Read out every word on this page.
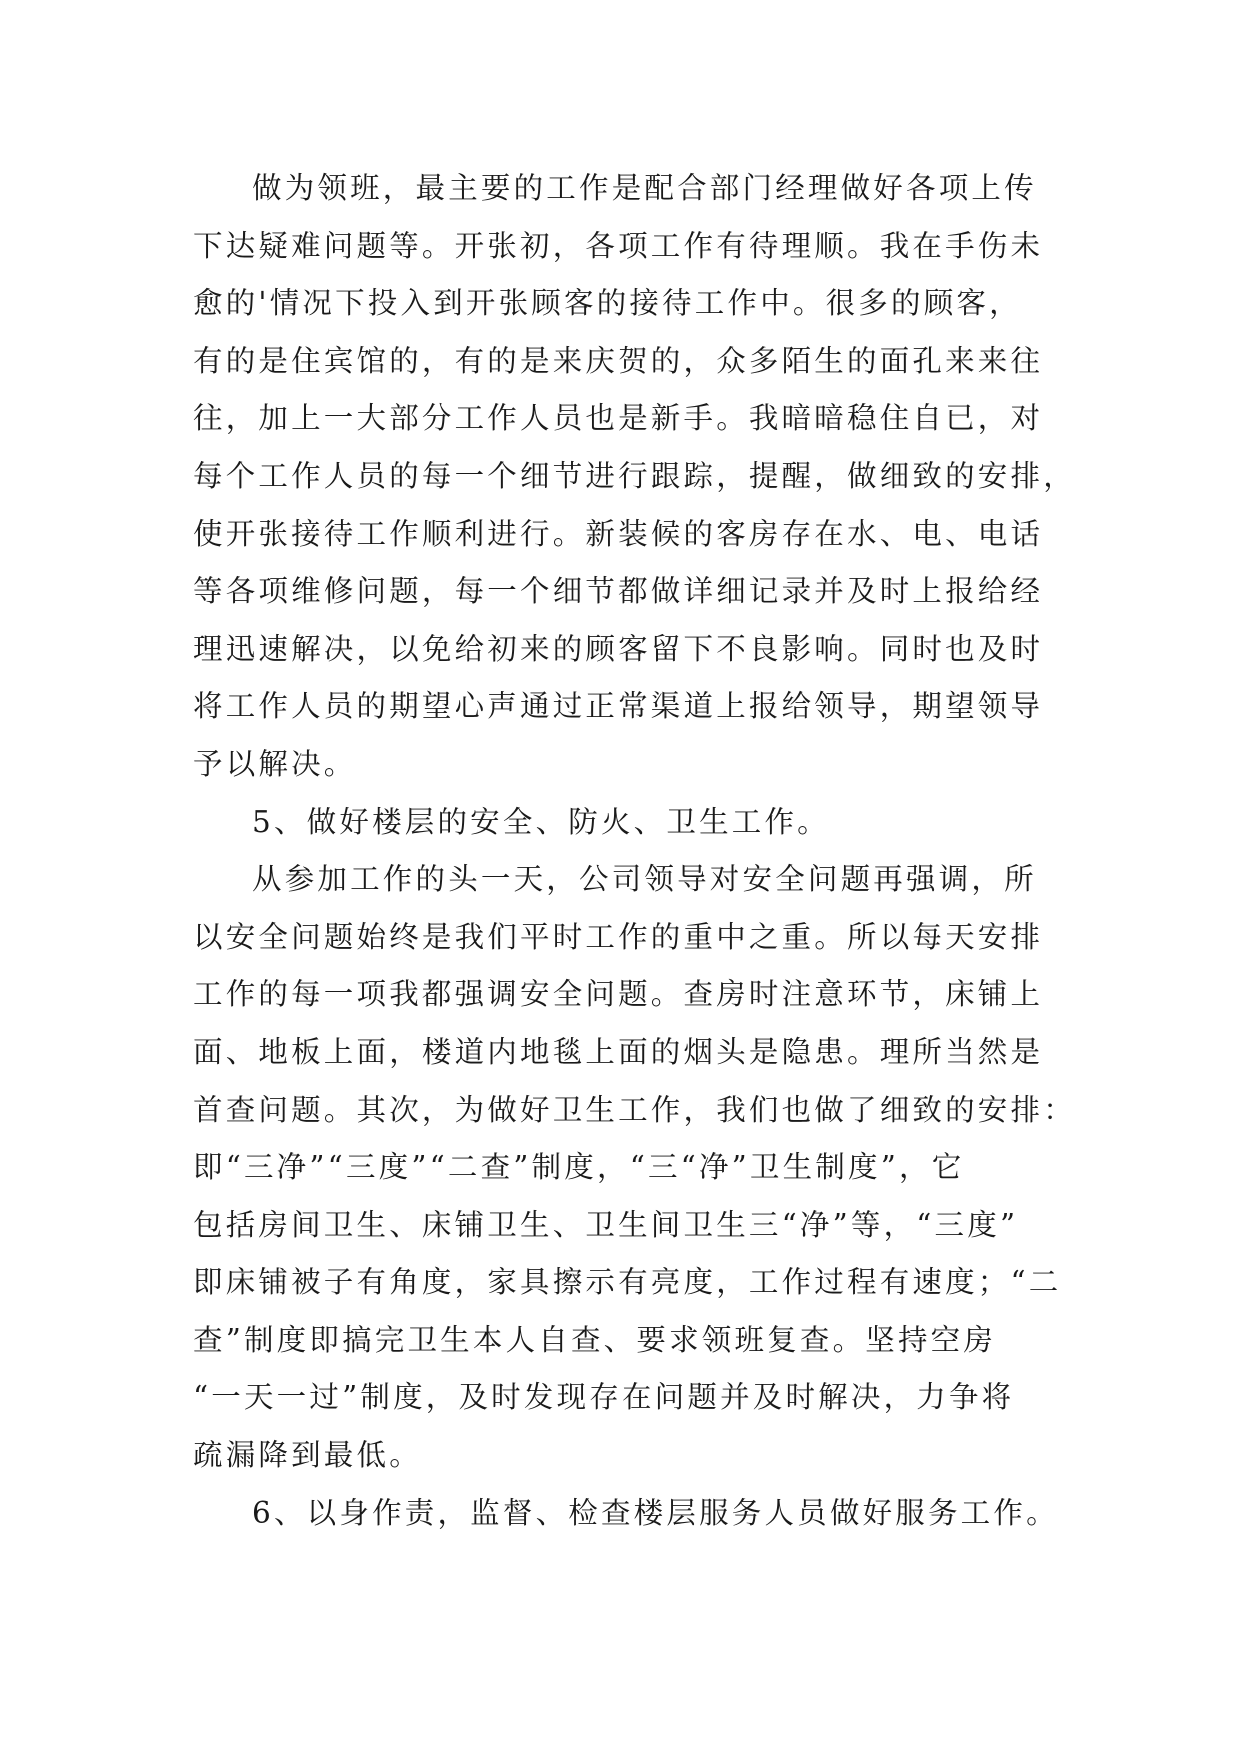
做为领班，最主要的工作是配合部门经理做好各项上传
下达疑难问题等。开张初，各项工作有待理顺。我在手伤未
愈的'情况下投入到开张顾客的接待工作中。很多的顾客，
有的是住宾馆的，有的是来庆贺的，众多陌生的面孔来来往
往，加上一大部分工作人员也是新手。我暗暗稳住自已，对
每个工作人员的每一个细节进行跟踪，提醒，做细致的安排，
使开张接待工作顺利进行。新装候的客房存在水、电、电话
等各项维修问题，每一个细节都做详细记录并及时上报给经
理迅速解决，以免给初来的顾客留下不良影响。同时也及时
将工作人员的期望心声通过正常渠道上报给领导，期望领导
予以解决。
5、做好楼层的安全、防火、卫生工作。
从参加工作的头一天，公司领导对安全问题再强调，所
以安全问题始终是我们平时工作的重中之重。所以每天安排
工作的每一项我都强调安全问题。查房时注意环节，床铺上
面、地板上面，楼道内地毯上面的烟头是隐患。理所当然是
首查问题。其次，为做好卫生工作，我们也做了细致的安排：
即“三净”“三度”“二查”制度，“三“净”卫生制度”，它
包括房间卫生、床铺卫生、卫生间卫生三“净”等，“三度”
即床铺被子有角度，家具擦示有亮度，工作过程有速度；“二
查”制度即搞完卫生本人自查、要求领班复查。坚持空房
“一天一过”制度，及时发现存在问题并及时解决，力争将
疏漏降到最低。
6、以身作责，监督、检查楼层服务人员做好服务工作。
